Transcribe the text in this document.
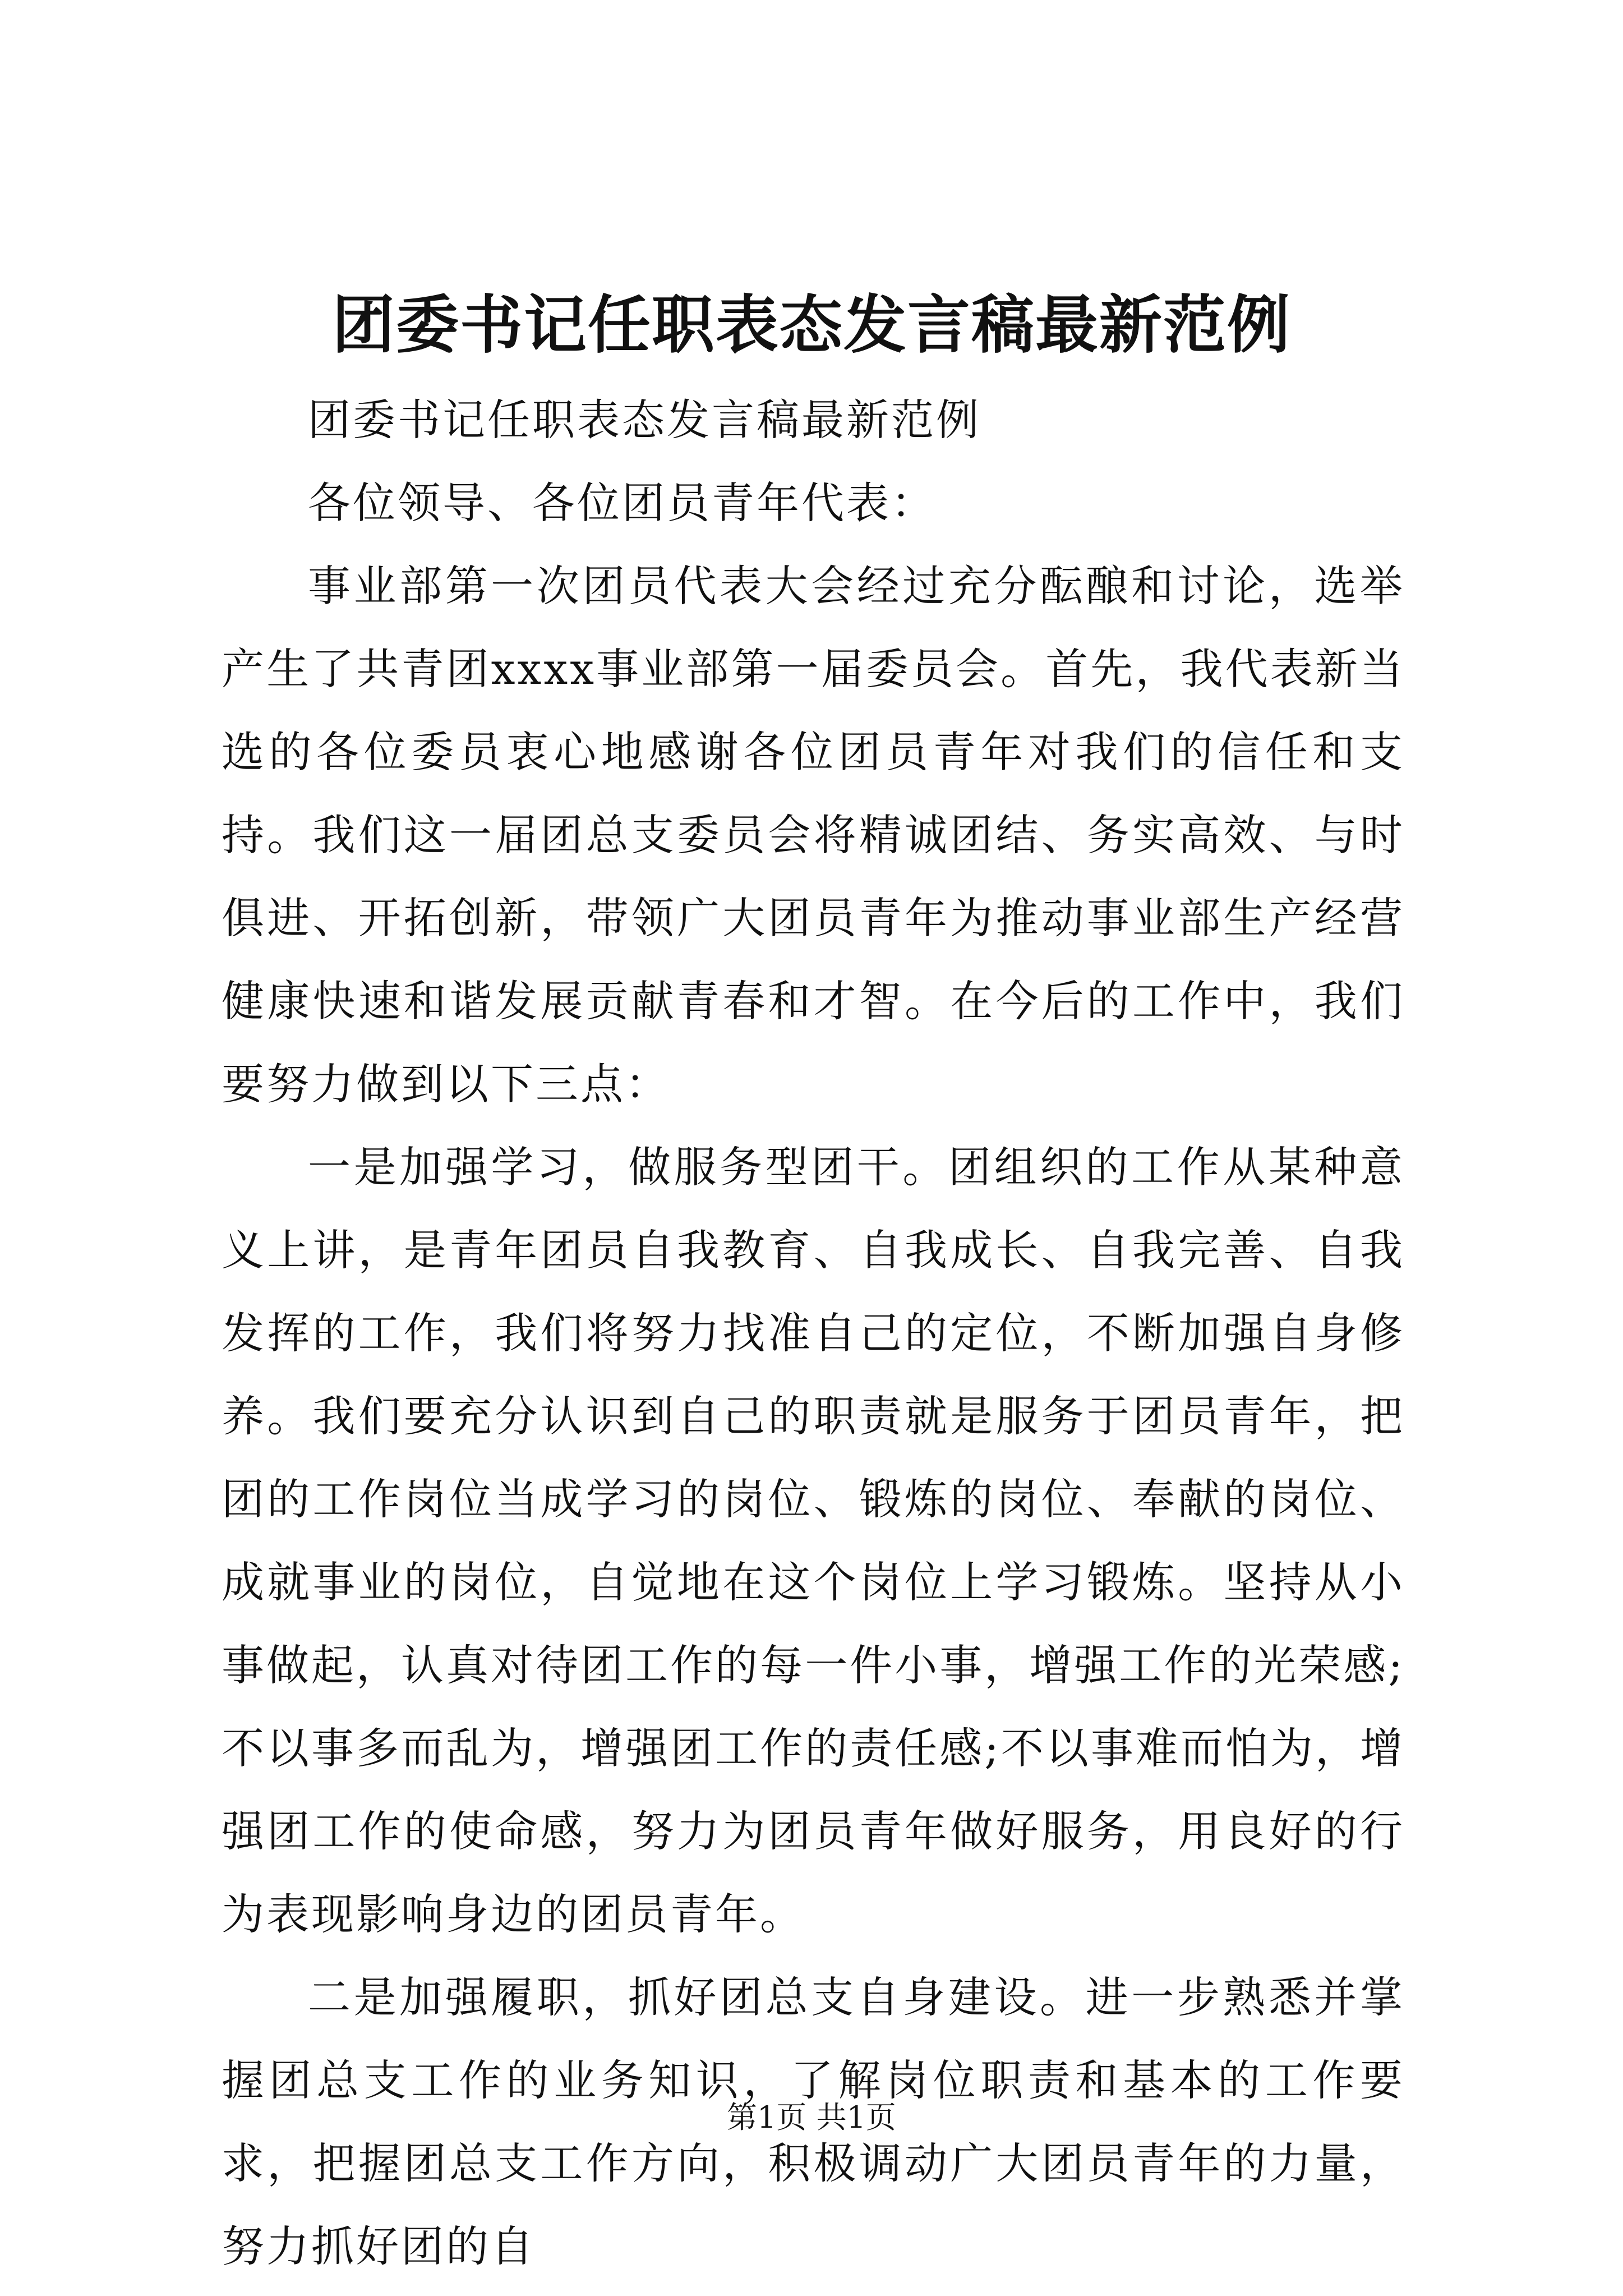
团委书记任职表态发言稿最新范例

团委书记任职表态发言稿最新范例

各位领导、各位团员青年代表：

事业部第一次团员代表大会经过充分酝酿和讨论，选举产生了共青团xxxx事业部第一届委员会。首先，我代表新当选的各位委员衷心地感谢各位团员青年对我们的信任和支持。我们这一届团总支委员会将精诚团结、务实高效、与时俱进、开拓创新，带领广大团员青年为推动事业部生产经营健康快速和谐发展贡献青春和才智。在今后的工作中，我们要努力做到以下三点：

一是加强学习，做服务型团干。团组织的工作从某种意义上讲，是青年团员自我教育、自我成长、自我完善、自我发挥的工作，我们将努力找准自己的定位，不断加强自身修养。我们要充分认识到自己的职责就是服务于团员青年，把团的工作岗位当成学习的岗位、锻炼的岗位、奉献的岗位、成就事业的岗位，自觉地在这个岗位上学习锻炼。坚持从小事做起，认真对待团工作的每一件小事，增强工作的光荣感;不以事多而乱为，增强团工作的责任感;不以事难而怕为，增强团工作的使命感，努力为团员青年做好服务，用良好的行为表现影响身边的团员青年。

二是加强履职，抓好团总支自身建设。进一步熟悉并掌握团总支工作的业务知识，了解岗位职责和基本的工作要求，把握团总支工作方向，积极调动广大团员青年的力量，努力抓好团的自

第1页 共1页
